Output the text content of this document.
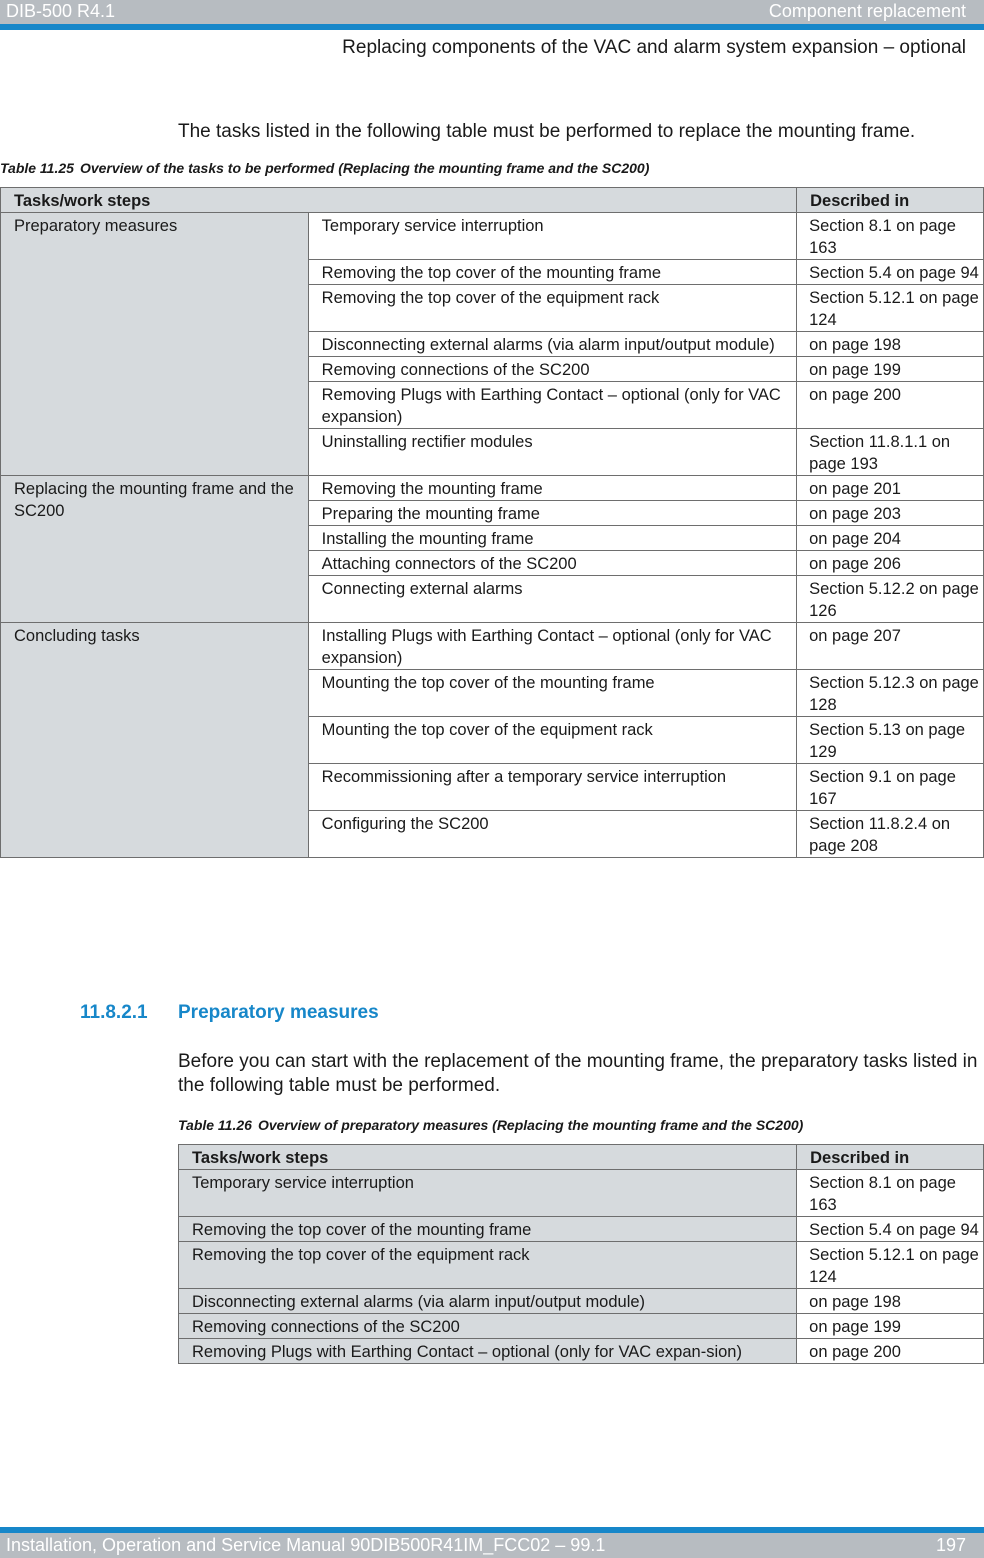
DIB-500 R4.1	Component replacement
Replacing components of the VAC and alarm system expansion – optional
The tasks listed in the following table must be performed to replace the mounting frame.
Table 11.25 Overview of the tasks to be performed (Replacing the mounting frame and the SC200)
Tasks/work steps		Described in
Preparatory measures	Temporary service interruption	Section 8.1 on page 163
	Removing the top cover of the mounting frame	Section 5.4 on page 94
	Removing the top cover of the equipment rack	Section 5.12.1 on page 124
	Disconnecting external alarms (via alarm input/output module)	on page 198
	Removing connections of the SC200	on page 199
	Removing Plugs with Earthing Contact – optional (only for VAC expansion)	on page 200
	Uninstalling rectifier modules	Section 11.8.1.1 on page 193
Replacing the mounting frame and the SC200	Removing the mounting frame	on page 201
	Preparing the mounting frame	on page 203
	Installing the mounting frame	on page 204
	Attaching connectors of the SC200	on page 206
	Connecting external alarms	Section 5.12.2 on page 126
Concluding tasks	Installing Plugs with Earthing Contact – optional (only for VAC expansion)	on page 207
	Mounting the top cover of the mounting frame	Section 5.12.3 on page 128
	Mounting the top cover of the equipment rack	Section 5.13 on page 129
	Recommissioning after a temporary service interruption	Section 9.1 on page 167
	Configuring the SC200	Section 11.8.2.4 on page 208
11.8.2.1 Preparatory measures
Before you can start with the replacement of the mounting frame, the preparatory tasks listed in the following table must be performed.
Table 11.26 Overview of preparatory measures (Replacing the mounting frame and the SC200)
Tasks/work steps	Described in
Temporary service interruption	Section 8.1 on page 163
Removing the top cover of the mounting frame	Section 5.4 on page 94
Removing the top cover of the equipment rack	Section 5.12.1 on page 124
Disconnecting external alarms (via alarm input/output module)	on page 198
Removing connections of the SC200	on page 199
Removing Plugs with Earthing Contact – optional (only for VAC expan-sion)	on page 200
Installation, Operation and Service Manual 90DIB500R41IM_FCC02 – 99.1	197
